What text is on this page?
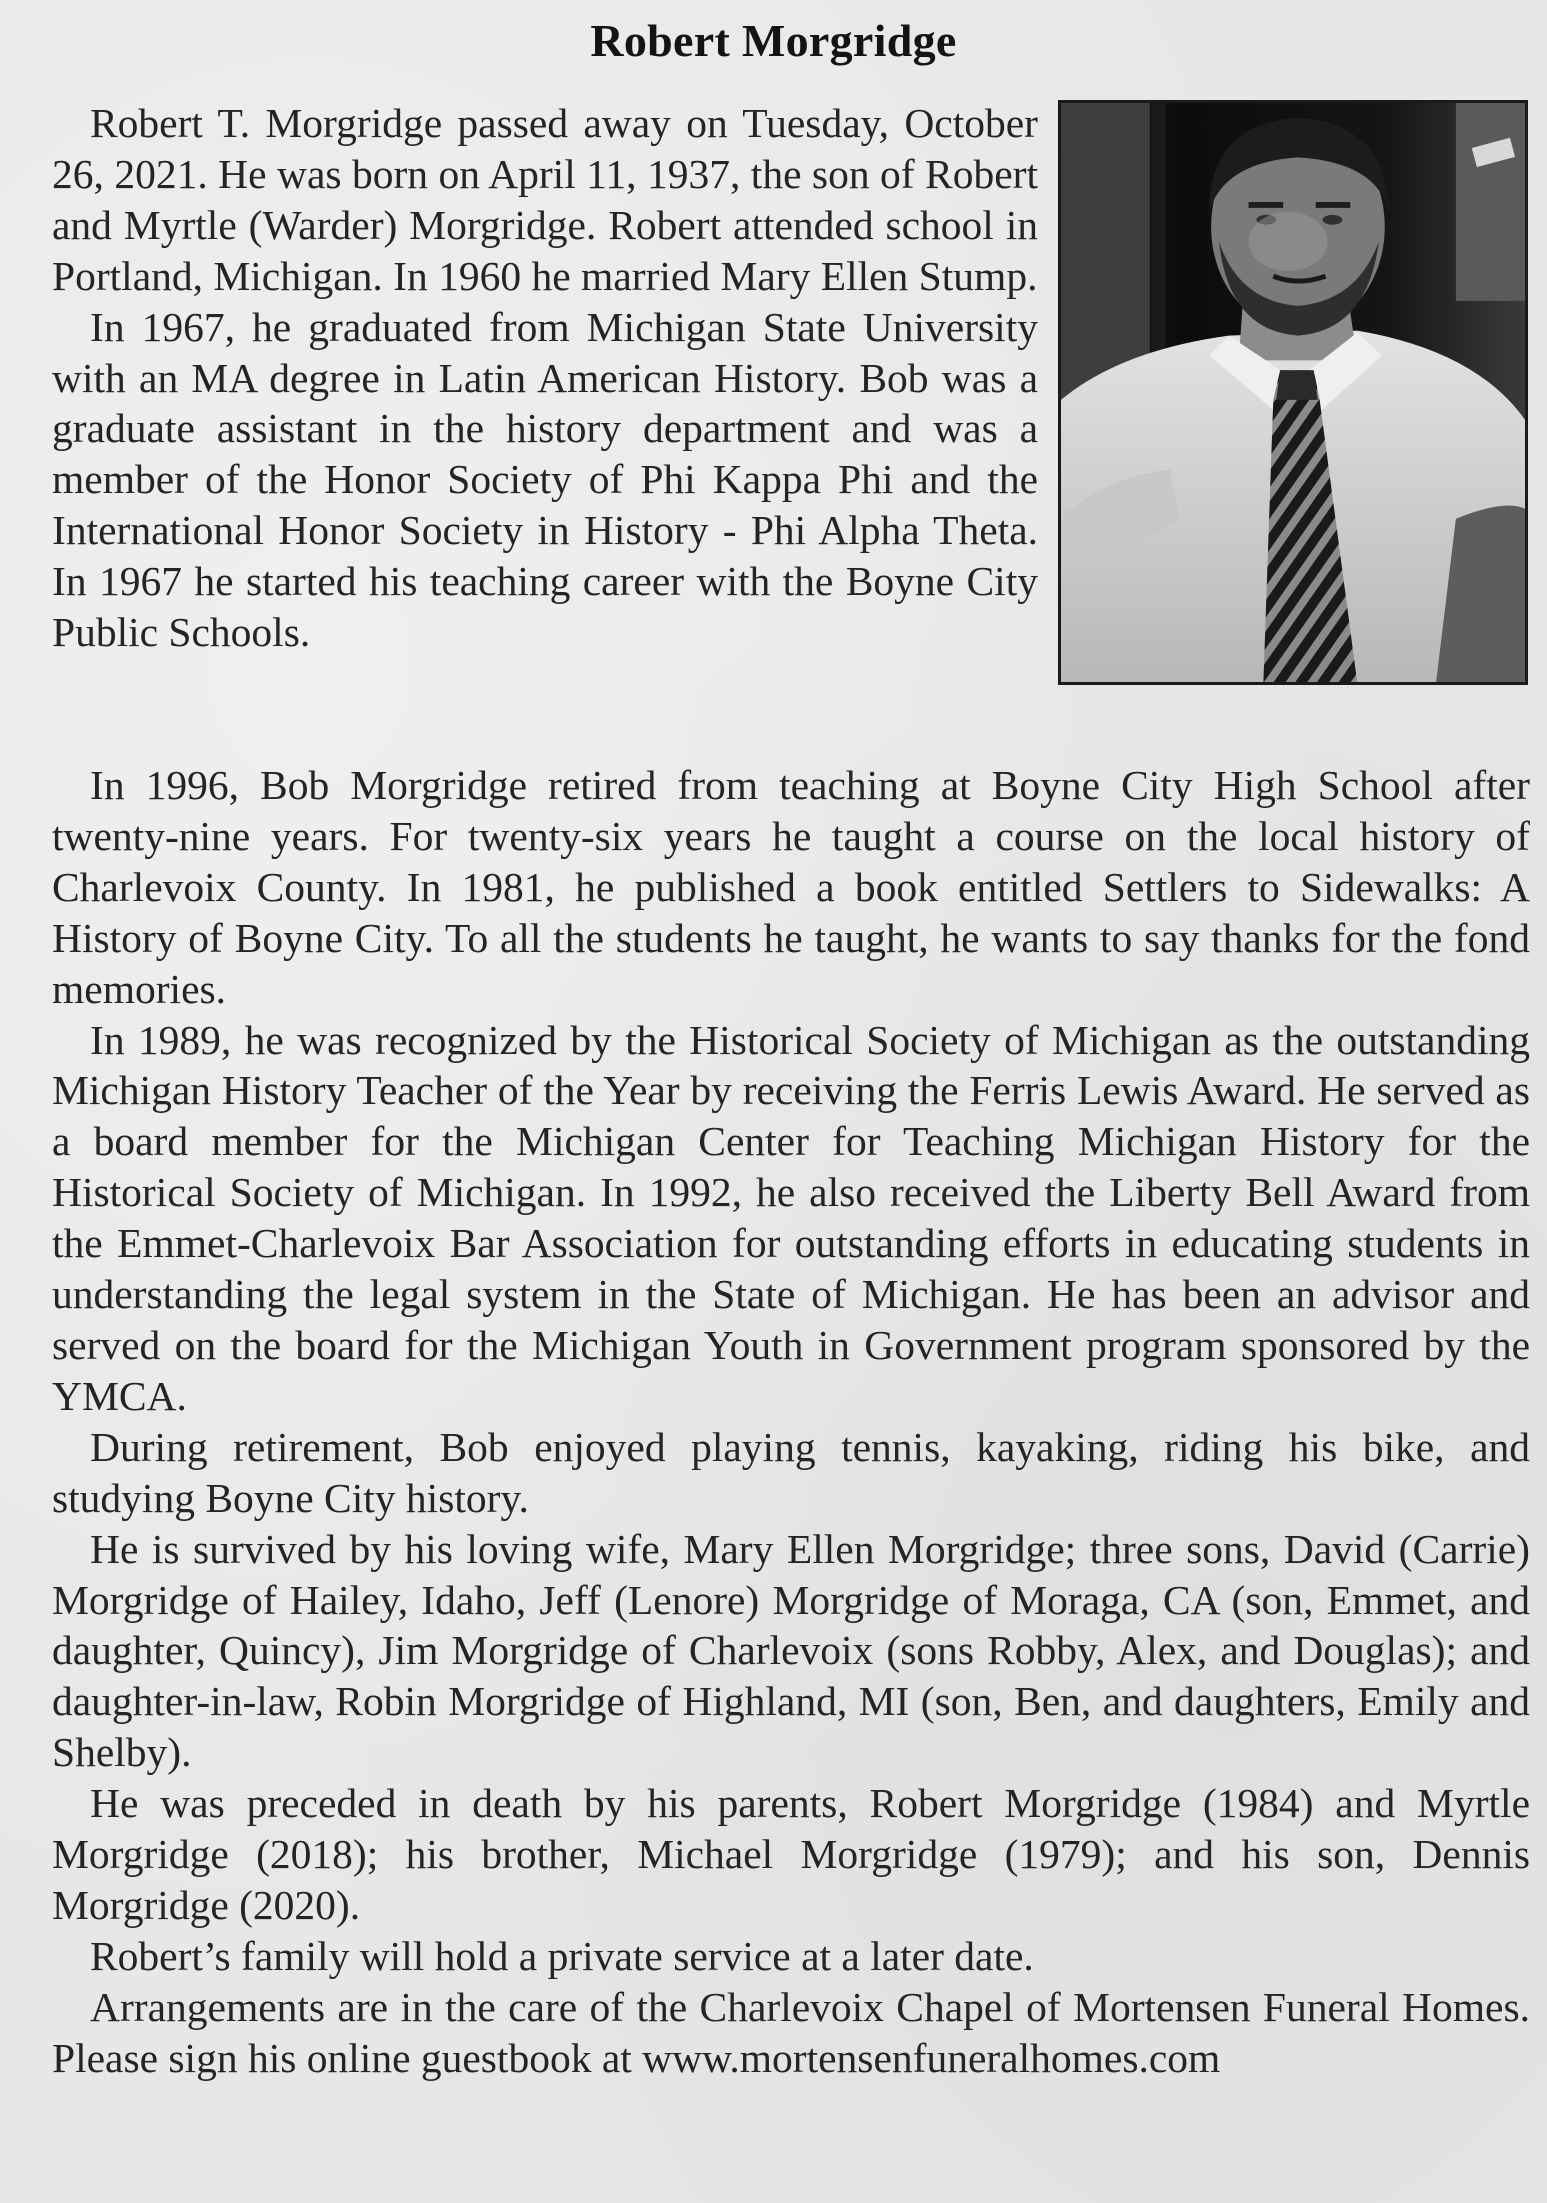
Robert Morgridge

Robert T. Morgridge passed away on Tuesday, October 26, 2021. He was born on April 11, 1937, the son of Robert and Myrtle (Warder) Morgridge. Robert attended school in Portland, Michigan. In 1960 he married Mary Ellen Stump.

In 1967, he graduated from Michigan State University with an MA degree in Latin American History. Bob was a graduate assistant in the history department and was a member of the Honor Society of Phi Kappa Phi and the International Honor Society in History - Phi Alpha Theta. In 1967 he started his teaching career with the Boyne City Public Schools.

In 1996, Bob Morgridge retired from teaching at Boyne City High School after twenty-nine years. For twenty-six years he taught a course on the local history of Charlevoix County. In 1981, he published a book entitled Settlers to Sidewalks: A History of Boyne City. To all the students he taught, he wants to say thanks for the fond memories.

In 1989, he was recognized by the Historical Society of Michigan as the outstanding Michigan History Teacher of the Year by receiving the Ferris Lewis Award. He served as a board member for the Michigan Center for Teaching Michigan History for the Historical Society of Michigan. In 1992, he also received the Liberty Bell Award from the Emmet-Charlevoix Bar Association for outstanding efforts in educating students in understanding the legal system in the State of Michigan. He has been an advisor and served on the board for the Michigan Youth in Government program sponsored by the YMCA.

During retirement, Bob enjoyed playing tennis, kayaking, riding his bike, and studying Boyne City history.

He is survived by his loving wife, Mary Ellen Morgridge; three sons, David (Carrie) Morgridge of Hailey, Idaho, Jeff (Lenore) Morgridge of Moraga, CA (son, Emmet, and daughter, Quincy), Jim Morgridge of Charlevoix (sons Robby, Alex, and Douglas); and daughter-in-law, Robin Morgridge of Highland, MI (son, Ben, and daughters, Emily and Shelby).

He was preceded in death by his parents, Robert Morgridge (1984) and Myrtle Morgridge (2018); his brother, Michael Morgridge (1979); and his son, Dennis Morgridge (2020).

Robert’s family will hold a private service at a later date.

Arrangements are in the care of the Charlevoix Chapel of Mortensen Funeral Homes. Please sign his online guestbook at www.mortensenfuneralhomes.com
